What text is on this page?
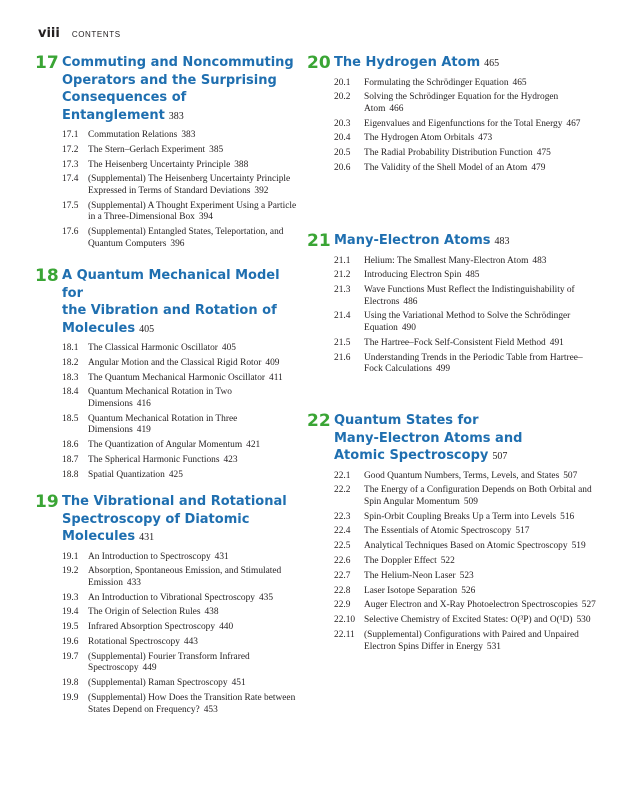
viii CONTENTS
17 Commuting and Noncommuting
Operators and the Surprising
Consequences of Entanglement 383
17.1	Commutation Relations 383
17.2	The Stern–Gerlach Experiment 385
17.3	The Heisenberg Uncertainty Principle 388
17.4	(Supplemental) The Heisenberg Uncertainty Principle Expressed in Terms of Standard Deviations 392
17.5	(Supplemental) A Thought Experiment Using a Particle in a Three-Dimensional Box 394
17.6	(Supplemental) Entangled States, Teleportation, and Quantum Computers 396
18 A Quantum Mechanical Model for
the Vibration and Rotation of
Molecules 405
18.1	The Classical Harmonic Oscillator 405
18.2	Angular Motion and the Classical Rigid Rotor 409
18.3	The Quantum Mechanical Harmonic Oscillator 411
18.4	Quantum Mechanical Rotation in Two Dimensions 416
18.5	Quantum Mechanical Rotation in Three Dimensions 419
18.6	The Quantization of Angular Momentum 421
18.7	The Spherical Harmonic Functions 423
18.8	Spatial Quantization 425
19 The Vibrational and Rotational
Spectroscopy of Diatomic
Molecules 431
19.1	An Introduction to Spectroscopy 431
19.2	Absorption, Spontaneous Emission, and Stimulated Emission 433
19.3	An Introduction to Vibrational Spectroscopy 435
19.4	The Origin of Selection Rules 438
19.5	Infrared Absorption Spectroscopy 440
19.6	Rotational Spectroscopy 443
19.7	(Supplemental) Fourier Transform Infrared Spectroscopy 449
19.8	(Supplemental) Raman Spectroscopy 451
19.9	(Supplemental) How Does the Transition Rate between States Depend on Frequency? 453
20 The Hydrogen Atom 465
20.1	Formulating the Schrödinger Equation 465
20.2	Solving the Schrödinger Equation for the Hydrogen Atom 466
20.3	Eigenvalues and Eigenfunctions for the Total Energy 467
20.4	The Hydrogen Atom Orbitals 473
20.5	The Radial Probability Distribution Function 475
20.6	The Validity of the Shell Model of an Atom 479
21 Many-Electron Atoms 483
21.1	Helium: The Smallest Many-Electron Atom 483
21.2	Introducing Electron Spin 485
21.3	Wave Functions Must Reflect the Indistinguishability of Electrons 486
21.4	Using the Variational Method to Solve the Schrödinger Equation 490
21.5	The Hartree–Fock Self-Consistent Field Method 491
21.6	Understanding Trends in the Periodic Table from Hartree–Fock Calculations 499
22 Quantum States for
Many-Electron Atoms and
Atomic Spectroscopy 507
22.1	Good Quantum Numbers, Terms, Levels, and States 507
22.2	The Energy of a Configuration Depends on Both Orbital and Spin Angular Momentum 509
22.3	Spin-Orbit Coupling Breaks Up a Term into Levels 516
22.4	The Essentials of Atomic Spectroscopy 517
22.5	Analytical Techniques Based on Atomic Spectroscopy 519
22.6	The Doppler Effect 522
22.7	The Helium-Neon Laser 523
22.8	Laser Isotope Separation 526
22.9	Auger Electron and X-Ray Photoelectron Spectroscopies 527
22.10 Selective Chemistry of Excited States: O(³P) and O(¹D) 530
22.11 (Supplemental) Configurations with Paired and Unpaired Electron Spins Differ in Energy 531
